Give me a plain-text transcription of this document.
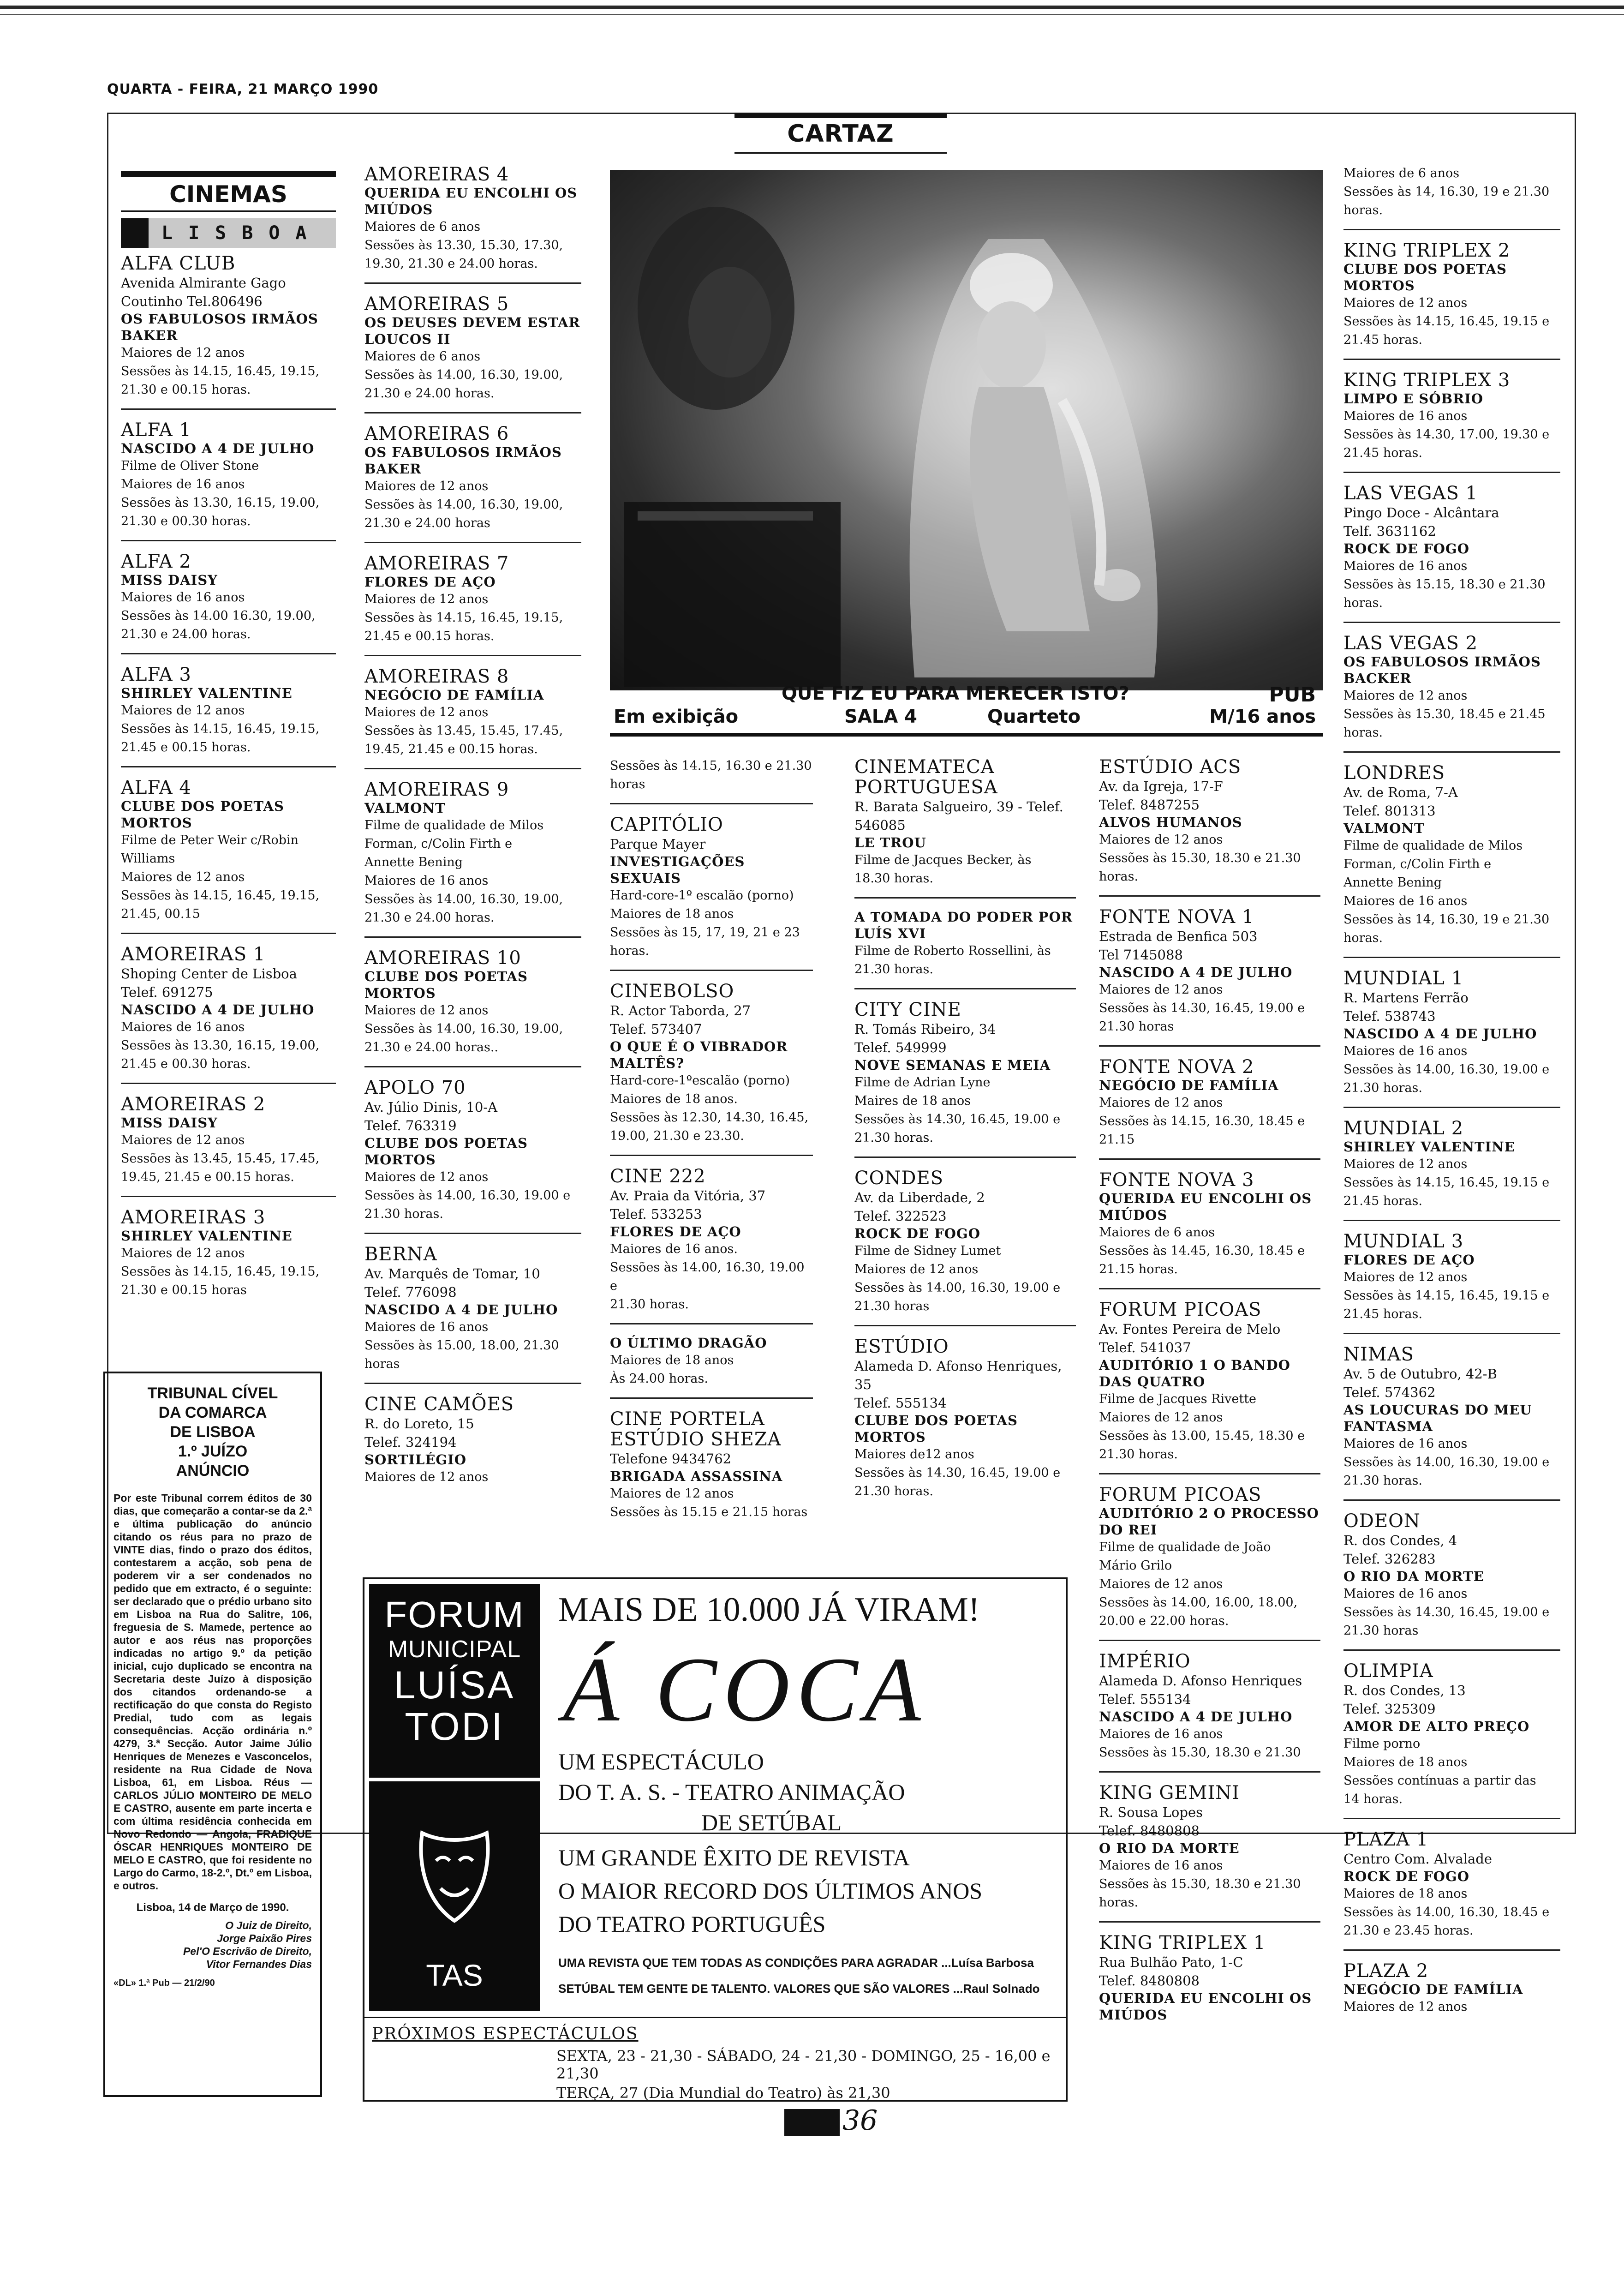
QUARTA - FEIRA, 21 MARÇO 1990
CARTAZ
CINEMAS
LISBOA
ALFA CLUB
Avenida Almirante Gago
Coutinho Tel.806496
OS FABULOSOS IRMÃOS BAKER
Maiores de 12 anos
Sessões às 14.15, 16.45, 19.15,
21.30 e 00.15 horas.
ALFA 1
NASCIDO A 4 DE JULHO
Filme de Oliver Stone
Maiores de 16 anos
Sessões às 13.30, 16.15, 19.00,
21.30 e 00.30 horas.
ALFA 2
MISS DAISY
Maiores de 16 anos
Sessões às 14.00 16.30, 19.00,
21.30 e 24.00 horas.
ALFA 3
SHIRLEY VALENTINE
Maiores de 12 anos
Sessões às 14.15, 16.45, 19.15,
21.45 e 00.15 horas.
ALFA 4
CLUBE DOS POETAS MORTOS
Filme de Peter Weir c/Robin
Williams
Maiores de 12 anos
Sessões às 14.15, 16.45, 19.15,
21.45, 00.15
AMOREIRAS 1
Shoping Center de Lisboa
Telef. 691275
NASCIDO A 4 DE JULHO
Maiores de 16 anos
Sessões às 13.30, 16.15, 19.00,
21.45 e 00.30 horas.
AMOREIRAS 2
MISS DAISY
Maiores de 12 anos
Sessões às 13.45, 15.45, 17.45,
19.45, 21.45 e 00.15 horas.
AMOREIRAS 3
SHIRLEY VALENTINE
Maiores de 12 anos
Sessões às 14.15, 16.45, 19.15,
21.30 e 00.15 horas
AMOREIRAS 4
QUERIDA EU ENCOLHI OS MIÚDOS
Maiores de 6 anos
Sessões às 13.30, 15.30, 17.30,
19.30, 21.30 e 24.00 horas.
AMOREIRAS 5
OS DEUSES DEVEM ESTAR LOUCOS II
Maiores de 6 anos
Sessões às 14.00, 16.30, 19.00,
21.30 e 24.00 horas.
AMOREIRAS 6
OS FABULOSOS IRMÃOS BAKER
Maiores de 12 anos
Sessões às 14.00, 16.30, 19.00,
21.30 e 24.00 horas
AMOREIRAS 7
FLORES DE AÇO
Maiores de 12 anos
Sessões às 14.15, 16.45, 19.15,
21.45 e 00.15 horas.
AMOREIRAS 8
NEGÓCIO DE FAMÍLIA
Maiores de 12 anos
Sessões às 13.45, 15.45, 17.45,
19.45, 21.45 e 00.15 horas.
AMOREIRAS 9
VALMONT
Filme de qualidade de Milos
Forman, c/Colin Firth e
Annette Bening
Maiores de 16 anos
Sessões às 14.00, 16.30, 19.00,
21.30 e 24.00 horas.
AMOREIRAS 10
CLUBE DOS POETAS MORTOS
Maiores de 12 anos
Sessões às 14.00, 16.30, 19.00,
21.30 e 24.00 horas..
APOLO 70
Av. Júlio Dinis, 10-A
Telef. 763319
CLUBE DOS POETAS MORTOS
Maiores de 12 anos
Sessões às 14.00, 16.30, 19.00 e
21.30 horas.
BERNA
Av. Marquês de Tomar, 10
Telef. 776098
NASCIDO A 4 DE JULHO
Maiores de 16 anos
Sessões às 15.00, 18.00, 21.30
horas
CINE CAMÕES
R. do Loreto, 15
Telef. 324194
SORTILÉGIO
Maiores de 12 anos
QUE FIZ EU PARA MERECER ISTO?	PUB
Em exibição	SALA 4	Quarteto	M/16 anos
Sessões às 14.15, 16.30 e 21.30
horas
CAPITÓLIO
Parque Mayer
INVESTIGAÇÕES SEXUAIS
Hard-core-1º escalão (porno)
Maiores de 18 anos
Sessões às 15, 17, 19, 21 e 23
horas.
CINEBOLSO
R. Actor Taborda, 27
Telef. 573407
O QUE É O VIBRADOR MALTÊS?
Hard-core-1ºescalão (porno)
Maiores de 18 anos.
Sessões às 12.30, 14.30, 16.45,
19.00, 21.30 e 23.30.
CINE 222
Av. Praia da Vitória, 37
Telef. 533253
FLORES DE AÇO
Maiores de 16 anos.
Sessões às 14.00, 16.30, 19.00 e
21.30 horas.
O ÚLTIMO DRAGÃO
Maiores de 18 anos
Às 24.00 horas.
CINE PORTELA ESTÚDIO SHEZA
Telefone 9434762
BRIGADA ASSASSINA
Maiores de 12 anos
Sessões às 15.15 e 21.15 horas
CINEMATECA PORTUGUESA
R. Barata Salgueiro, 39 - Telef.
546085
LE TROU
Filme de Jacques Becker, às
18.30 horas.
A TOMADA DO PODER POR LUÍS XVI
Filme de Roberto Rossellini, às
21.30 horas.
CITY CINE
R. Tomás Ribeiro, 34
Telef. 549999
NOVE SEMANAS E MEIA
Filme de Adrian Lyne
Maires de 18 anos
Sessões às 14.30, 16.45, 19.00 e
21.30 horas.
CONDES
Av. da Liberdade, 2
Telef. 322523
ROCK DE FOGO
Filme de Sidney Lumet
Maiores de 12 anos
Sessões às 14.00, 16.30, 19.00 e
21.30 horas
ESTÚDIO
Alameda D. Afonso Henriques,
35
Telef. 555134
CLUBE DOS POETAS MORTOS
Maiores de12 anos
Sessões às 14.30, 16.45, 19.00 e
21.30 horas.
ESTÚDIO ACS
Av. da Igreja, 17-F
Telef. 8487255
ALVOS HUMANOS
Maiores de 12 anos
Sessões às 15.30, 18.30 e 21.30
horas.
FONTE NOVA 1
Estrada de Benfica 503
Tel 7145088
NASCIDO A 4 DE JULHO
Maiores de 12 anos
Sessões às 14.30, 16.45, 19.00 e
21.30 horas
FONTE NOVA 2
NEGÓCIO DE FAMÍLIA
Maiores de 12 anos
Sessões às 14.15, 16.30, 18.45 e
21.15
FONTE NOVA 3
QUERIDA EU ENCOLHI OS MIÚDOS
Maiores de 6 anos
Sessões às 14.45, 16.30, 18.45 e
21.15 horas.
FORUM PICOAS
Av. Fontes Pereira de Melo
Telef. 541037
AUDITÓRIO 1 O BANDO DAS QUATRO
Filme de Jacques Rivette
Maiores de 12 anos
Sessões às 13.00, 15.45, 18.30 e
21.30 horas.
FORUM PICOAS
AUDITÓRIO 2 O PROCESSO DO REI
Filme de qualidade de João
Mário Grilo
Maiores de 12 anos
Sessões às 14.00, 16.00, 18.00,
20.00 e 22.00 horas.
IMPÉRIO
Alameda D. Afonso Henriques
Telef. 555134
NASCIDO A 4 DE JULHO
Maiores de 16 anos
Sessões às 15.30, 18.30 e 21.30
KING GEMINI
R. Sousa Lopes
Telef. 8480808
O RIO DA MORTE
Maiores de 16 anos
Sessões às 15.30, 18.30 e 21.30
horas.
KING TRIPLEX 1
Rua Bulhão Pato, 1-C
Telef. 8480808
QUERIDA EU ENCOLHI OS MIÚDOS
Maiores de 6 anos
Sessões às 14, 16.30, 19 e 21.30
horas.
KING TRIPLEX 2
CLUBE DOS POETAS MORTOS
Maiores de 12 anos
Sessões às 14.15, 16.45, 19.15 e
21.45 horas.
KING TRIPLEX 3
LIMPO E SÓBRIO
Maiores de 16 anos
Sessões às 14.30, 17.00, 19.30 e
21.45 horas.
LAS VEGAS 1
Pingo Doce - Alcântara
Telf. 3631162
ROCK DE FOGO
Maiores de 16 anos
Sessões às 15.15, 18.30 e 21.30
horas.
LAS VEGAS 2
OS FABULOSOS IRMÃOS BACKER
Maiores de 12 anos
Sessões às 15.30, 18.45 e 21.45
horas.
LONDRES
Av. de Roma, 7-A
Telef. 801313
VALMONT
Filme de qualidade de Milos
Forman, c/Colin Firth e
Annette Bening
Maiores de 16 anos
Sessões às 14, 16.30, 19 e 21.30
horas.
MUNDIAL 1
R. Martens Ferrão
Telef. 538743
NASCIDO A 4 DE JULHO
Maiores de 16 anos
Sessões às 14.00, 16.30, 19.00 e
21.30 horas.
MUNDIAL 2
SHIRLEY VALENTINE
Maiores de 12 anos
Sessões às 14.15, 16.45, 19.15 e
21.45 horas.
MUNDIAL 3
FLORES DE AÇO
Maiores de 12 anos
Sessões às 14.15, 16.45, 19.15 e
21.45 horas.
NIMAS
Av. 5 de Outubro, 42-B
Telef. 574362
AS LOUCURAS DO MEU FANTASMA
Maiores de 16 anos
Sessões às 14.00, 16.30, 19.00 e
21.30 horas.
ODEON
R. dos Condes, 4
Telef. 326283
O RIO DA MORTE
Maiores de 16 anos
Sessões às 14.30, 16.45, 19.00 e
21.30 horas
OLIMPIA
R. dos Condes, 13
Telef. 325309
AMOR DE ALTO PREÇO
Filme porno
Maiores de 18 anos
Sessões contínuas a partir das
14 horas.
PLAZA 1
Centro Com. Alvalade
ROCK DE FOGO
Maiores de 18 anos
Sessões às 14.00, 16.30, 18.45 e
21.30 e 23.45 horas.
PLAZA 2
NEGÓCIO DE FAMÍLIA
Maiores de 12 anos
TRIBUNAL CÍVEL
DA COMARCA
DE LISBOA
1.º JUÍZO
ANÚNCIO
Por este Tribunal correm éditos de 30 dias, que começarão a contar-se da 2.ª e última publicação do anúncio citando os réus para no prazo de VINTE dias, findo o prazo dos éditos, contestarem a acção, sob pena de poderem vir a ser condenados no pedido que em extracto, é o seguinte: ser declarado que o prédio urbano sito em Lisboa na Rua do Salitre, 106, freguesia de S. Mamede, pertence ao autor e aos réus nas proporções indicadas no artigo 9.º da petição inicial, cujo duplicado se encontra na Secretaria deste Juízo à disposição dos citandos ordenando-se a rectificação do que consta do Registo Predial, tudo com as legais consequências. Acção ordinária n.º 4279, 3.ª Secção. Autor Jaime Júlio Henriques de Menezes e Vasconcelos, residente na Rua Cidade de Nova Lisboa, 61, em Lisboa. Réus — CARLOS JÚLIO MONTEIRO DE MELO E CASTRO, ausente em parte incerta e com última residência conhecida em Novo Redondo — Angola, FRADIQUE ÓSCAR HENRIQUES MONTEIRO DE MELO E CASTRO, que foi residente no Largo do Carmo, 18-2.º, Dt.º em Lisboa, e outros.
Lisboa, 14 de Março de 1990.
O Juiz de Direito,
Jorge Paixão Pires
Pel'O Escrivão de Direito,
Vitor Fernandes Dias
«DL» 1.ª Pub — 21/2/90
FORUM
MUNICIPAL
LUÍSA
TODI
TAS
MAIS DE 10.000 JÁ VIRAM!
Á COCA
UM ESPECTÁCULO
DO T. A. S. - TEATRO ANIMAÇÃO
DE SETÚBAL
UM GRANDE ÊXITO DE REVISTA
O MAIOR RECORD DOS ÚLTIMOS ANOS
DO TEATRO PORTUGUÊS
UMA REVISTA QUE TEM TODAS AS CONDIÇÕES PARA AGRADAR ...Luísa Barbosa
SETÚBAL TEM GENTE DE TALENTO. VALORES QUE SÃO VALORES ...Raul Solnado
PRÓXIMOS ESPECTÁCULOS
SEXTA, 23 - 21,30 - SÁBADO, 24 - 21,30 - DOMINGO, 25 - 16,00 e 21,30
TERÇA, 27 (Dia Mundial do Teatro) às 21,30
36
